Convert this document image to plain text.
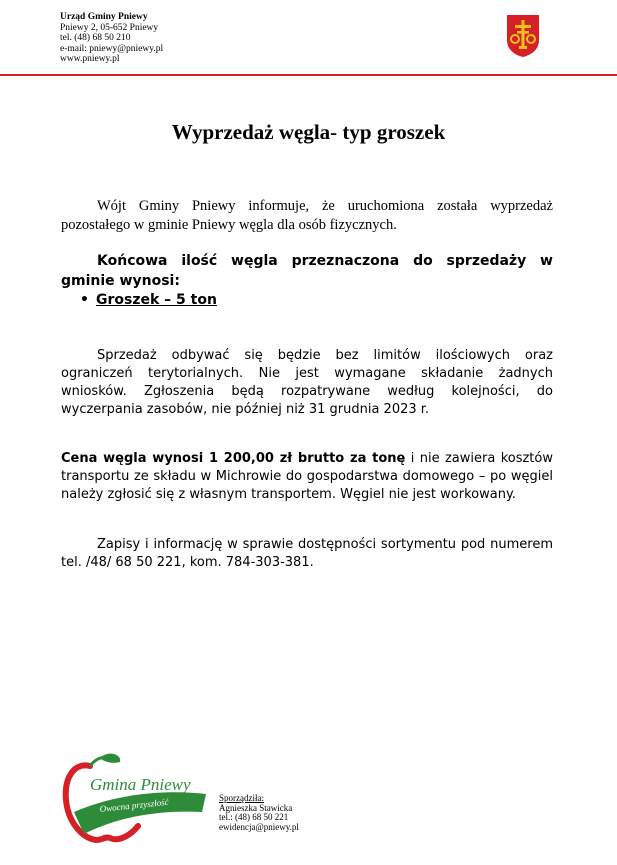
Urząd Gminy Pniewy
Pniewy 2, 05-652 Pniewy
tel. (48) 68 50 210
e-mail: pniewy@pniewy.pl
www.pniewy.pl
Wyprzedaż węgla- typ groszek
Wójt Gminy Pniewy informuje, że uruchomiona została wyprzedaż pozostałego w gminie Pniewy węgla dla osób fizycznych.
Końcowa ilość węgla przeznaczona do sprzedaży w gminie wynosi:
• Groszek – 5 ton
Sprzedaż odbywać się będzie bez limitów ilościowych oraz ograniczeń terytorialnych. Nie jest wymagane składanie żadnych wniosków. Zgłoszenia będą rozpatrywane według kolejności, do wyczerpania zasobów, nie później niż 31 grudnia 2023 r.
Cena węgla wynosi 1 200,00 zł brutto za tonę i nie zawiera kosztów transportu ze składu w Michrowie do gospodarstwa domowego – po węgiel należy zgłosić się z własnym transportem. Węgiel nie jest workowany.
Zapisy i informację w sprawie dostępności sortymentu pod numerem tel. /48/ 68 50 221, kom. 784-303-381.
Gmina Pniewy
Owocna przyszłość	Sporządziła:
Agnieszka Stawicka
tel.: (48) 68 50 221
ewidencja@pniewy.pl
